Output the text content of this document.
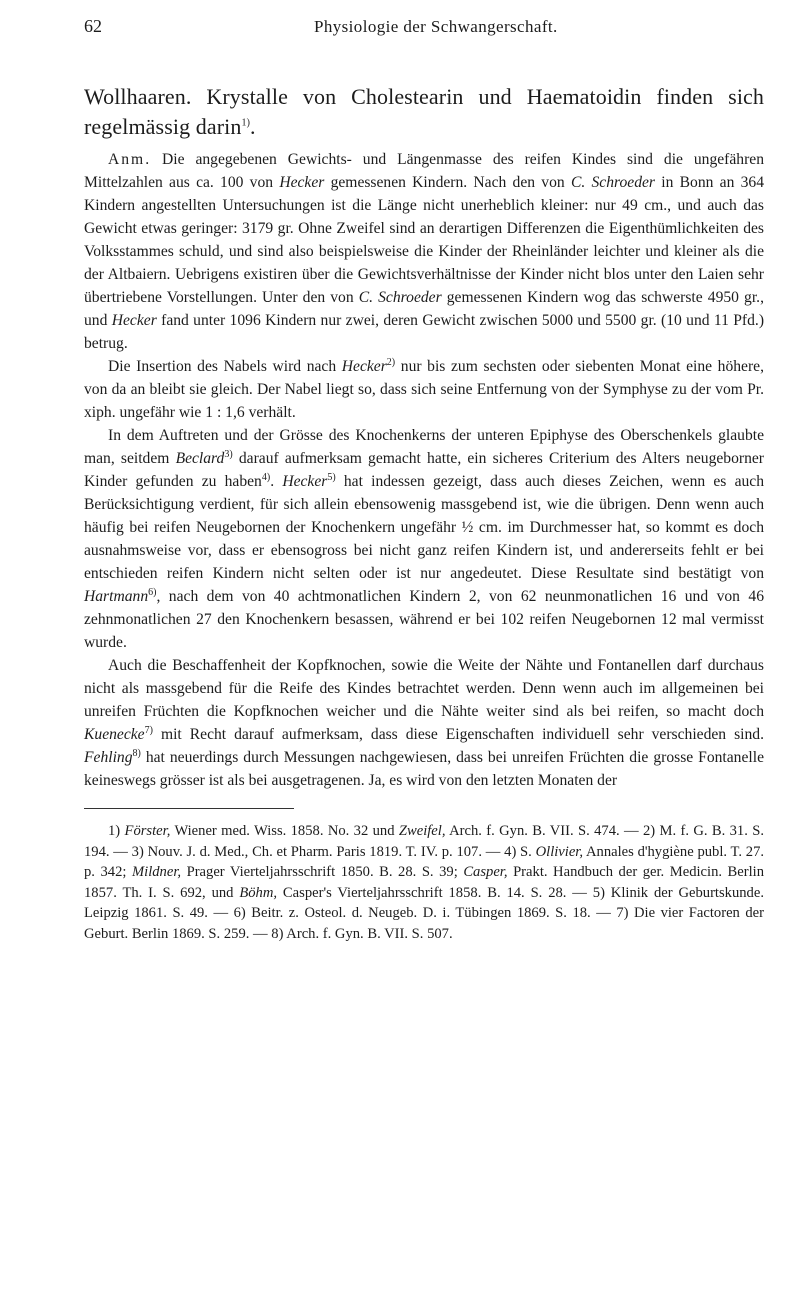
62	Physiologie der Schwangerschaft.

Wollhaaren. Krystalle von Cholestearin und Haematoidin finden sich regelmässig darin$^{1)}$.

Anm. Die angegebenen Gewichts- und Längenmasse des reifen Kindes sind die ungefähren Mittelzahlen aus ca. 100 von Hecker gemessenen Kindern. Nach den von C. Schroeder in Bonn an 364 Kindern angestellten Untersuchungen ist die Länge nicht unerheblich kleiner: nur 49 cm., und auch das Gewicht etwas geringer: 3179 gr. Ohne Zweifel sind an derartigen Differenzen die Eigenthümlichkeiten des Volksstammes schuld, und sind also beispielsweise die Kinder der Rheinländer leichter und kleiner als die der Altbaiern. Uebrigens existiren über die Gewichtsverhältnisse der Kinder nicht blos unter den Laien sehr übertriebene Vorstellungen. Unter den von C. Schroeder gemessenen Kindern wog das schwerste 4950 gr., und Hecker fand unter 1096 Kindern nur zwei, deren Gewicht zwischen 5000 und 5500 gr. (10 und 11 Pfd.) betrug.

Die Insertion des Nabels wird nach Hecker$^{2)}$ nur bis zum sechsten oder siebenten Monat eine höhere, von da an bleibt sie gleich. Der Nabel liegt so, dass sich seine Entfernung von der Symphyse zu der vom Pr. xiph. ungefähr wie 1 : 1,6 verhält.

In dem Auftreten und der Grösse des Knochenkerns der unteren Epiphyse des Oberschenkels glaubte man, seitdem Beclard$^{3)}$ darauf aufmerksam gemacht hatte, ein sicheres Criterium des Alters neugeborner Kinder gefunden zu haben$^{4)}$. Hecker$^{5)}$ hat indessen gezeigt, dass auch dieses Zeichen, wenn es auch Berücksichtigung verdient, für sich allein ebensowenig massgebend ist, wie die übrigen. Denn wenn auch häufig bei reifen Neugebornen der Knochenkern ungefähr ½ cm. im Durchmesser hat, so kommt es doch ausnahmsweise vor, dass er ebensogross bei nicht ganz reifen Kindern ist, und andererseits fehlt er bei entschieden reifen Kindern nicht selten oder ist nur angedeutet. Diese Resultate sind bestätigt von Hartmann$^{6)}$, nach dem von 40 achtmonatlichen Kindern 2, von 62 neunmonatlichen 16 und von 46 zehnmonatlichen 27 den Knochenkern besassen, während er bei 102 reifen Neugebornen 12 mal vermisst wurde.

Auch die Beschaffenheit der Kopfknochen, sowie die Weite der Nähte und Fontanellen darf durchaus nicht als massgebend für die Reife des Kindes betrachtet werden. Denn wenn auch im allgemeinen bei unreifen Früchten die Kopfknochen weicher und die Nähte weiter sind als bei reifen, so macht doch Kuenecke$^{7)}$ mit Recht darauf aufmerksam, dass diese Eigenschaften individuell sehr verschieden sind. Fehling$^{8)}$ hat neuerdings durch Messungen nachgewiesen, dass bei unreifen Früchten die grosse Fontanelle keineswegs grösser ist als bei ausgetragenen. Ja, es wird von den letzten Monaten der

1) Förster, Wiener med. Wiss. 1858. No. 32 und Zweifel, Arch. f. Gyn. B. VII. S. 474. — 2) M. f. G. B. 31. S. 194. — 3) Nouv. J. d. Med., Ch. et Pharm. Paris 1819. T. IV. p. 107. — 4) S. Ollivier, Annales d'hygiène publ. T. 27. p. 342; Mildner, Prager Vierteljahrsschrift 1850. B. 28. S. 39; Casper, Prakt. Handbuch der ger. Medicin. Berlin 1857. Th. I. S. 692, und Böhm, Casper's Vierteljahrsschrift 1858. B. 14. S. 28. — 5) Klinik der Geburtskunde. Leipzig 1861. S. 49. — 6) Beitr. z. Osteol. d. Neugeb. D. i. Tübingen 1869. S. 18. — 7) Die vier Factoren der Geburt. Berlin 1869. S. 259. — 8) Arch. f. Gyn. B. VII. S. 507.
